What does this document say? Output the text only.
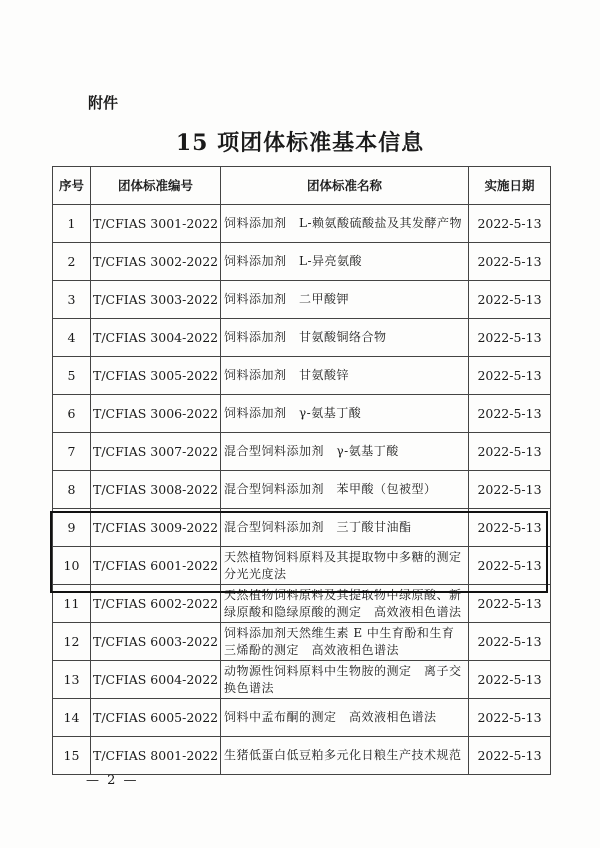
附件
15 项团体标准基本信息
序号	团体标准编号	团体标准名称	实施日期
1	T/CFIAS 3001-2022	饲料添加剂　L-赖氨酸硫酸盐及其发酵产物	2022-5-13
2	T/CFIAS 3002-2022	饲料添加剂　L-异亮氨酸	2022-5-13
3	T/CFIAS 3003-2022	饲料添加剂　二甲酸钾	2022-5-13
4	T/CFIAS 3004-2022	饲料添加剂　甘氨酸铜络合物	2022-5-13
5	T/CFIAS 3005-2022	饲料添加剂　甘氨酸锌	2022-5-13
6	T/CFIAS 3006-2022	饲料添加剂　γ-氨基丁酸	2022-5-13
7	T/CFIAS 3007-2022	混合型饲料添加剂　γ-氨基丁酸	2022-5-13
8	T/CFIAS 3008-2022	混合型饲料添加剂　苯甲酸（包被型）	2022-5-13
9	T/CFIAS 3009-2022	混合型饲料添加剂　三丁酸甘油酯	2022-5-13
10	T/CFIAS 6001-2022	天然植物饲料原料及其提取物中多糖的测定　分光光度法	2022-5-13
11	T/CFIAS 6002-2022	天然植物饲料原料及其提取物中绿原酸、新绿原酸和隐绿原酸的测定　高效液相色谱法	2022-5-13
12	T/CFIAS 6003-2022	饲料添加剂天然维生素 E 中生育酚和生育三烯酚的测定　高效液相色谱法	2022-5-13
13	T/CFIAS 6004-2022	动物源性饲料原料中生物胺的测定　离子交换色谱法	2022-5-13
14	T/CFIAS 6005-2022	饲料中孟布酮的测定　高效液相色谱法	2022-5-13
15	T/CFIAS 8001-2022	生猪低蛋白低豆粕多元化日粮生产技术规范	2022-5-13
— 2 —
